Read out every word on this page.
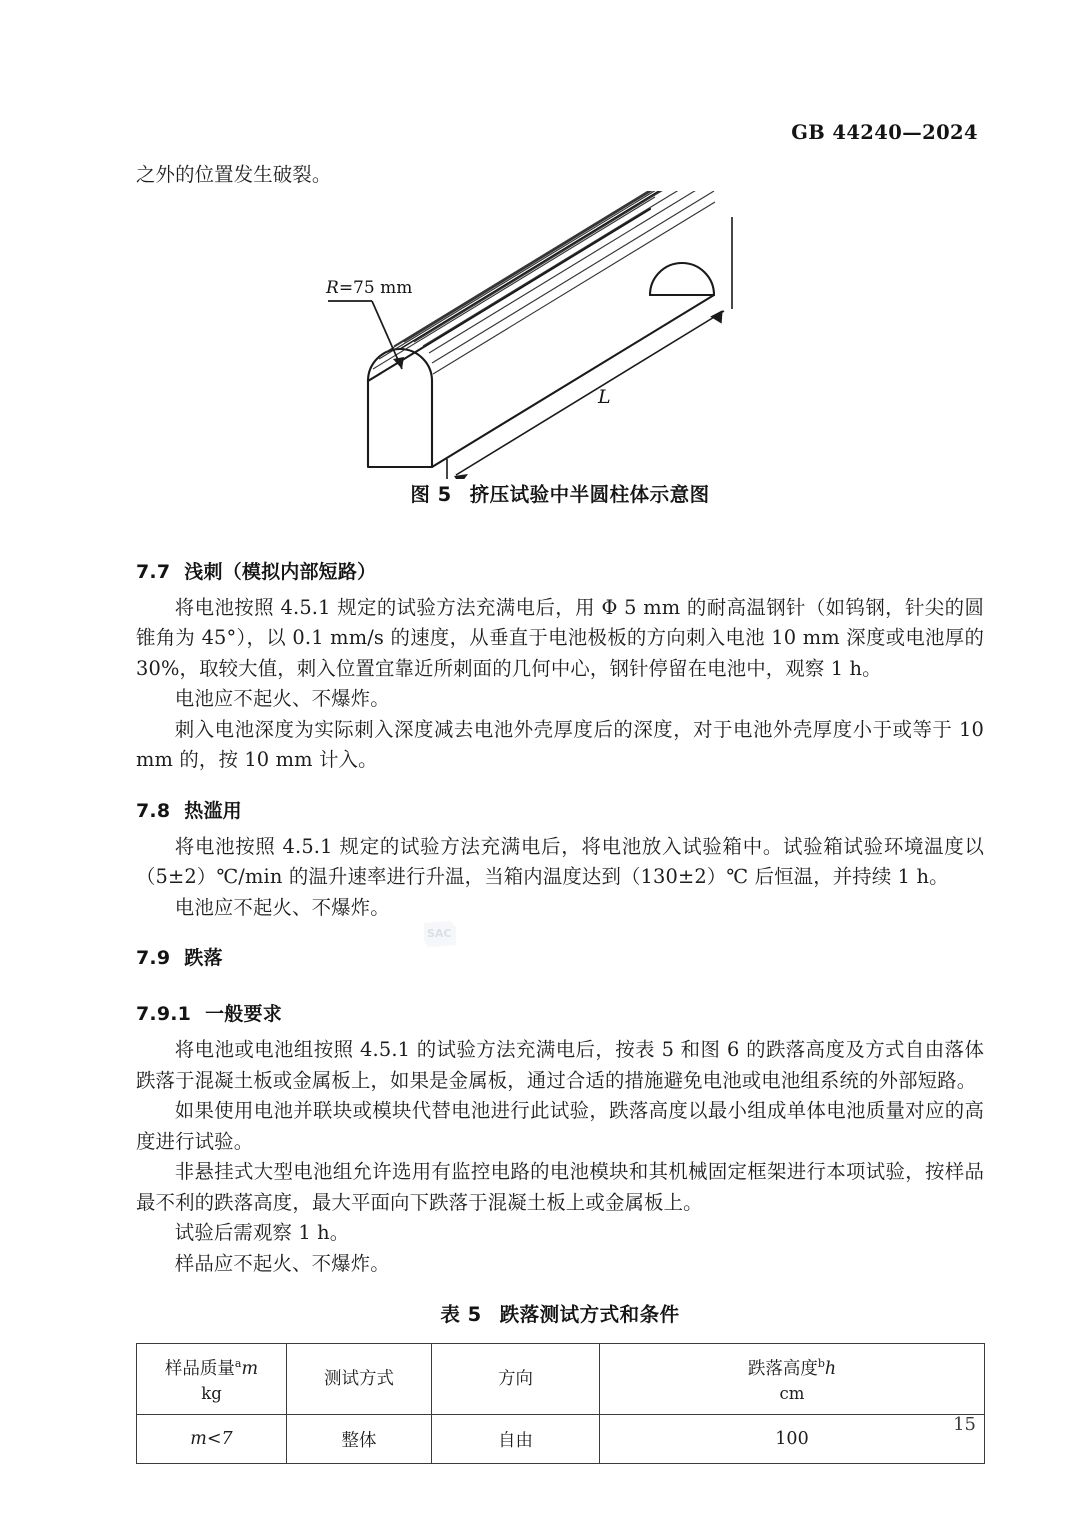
GB 44240—2024

之外的位置发生破裂。

R=75 mm
L
图 5 挤压试验中半圆柱体示意图
7.7 浅刺（模拟内部短路）

将电池按照 4.5.1 规定的试验方法充满电后，用 Φ 5 mm 的耐高温钢针（如钨钢，针尖的圆锥角为 45°），以 0.1 mm/s 的速度，从垂直于电池极板的方向刺入电池 10 mm 深度或电池厚的 30%，取较大值，刺入位置宜靠近所刺面的几何中心，钢针停留在电池中，观察 1 h。

电池应不起火、不爆炸。

刺入电池深度为实际刺入深度减去电池外壳厚度后的深度，对于电池外壳厚度小于或等于 10 mm 的，按 10 mm 计入。

7.8 热滥用

将电池按照 4.5.1 规定的试验方法充满电后，将电池放入试验箱中。试验箱试验环境温度以（5±2）℃/min 的温升速率进行升温，当箱内温度达到（130±2）℃ 后恒温，并持续 1 h。

电池应不起火、不爆炸。

7.9 跌落
7.9.1 一般要求

将电池或电池组按照 4.5.1 的试验方法充满电后，按表 5 和图 6 的跌落高度及方式自由落体跌落于混凝土板或金属板上，如果是金属板，通过合适的措施避免电池或电池组系统的外部短路。

如果使用电池并联块或模块代替电池进行此试验，跌落高度以最小组成单体电池质量对应的高度进行试验。

非悬挂式大型电池组允许选用有监控电路的电池模块和其机械固定框架进行本项试验，按样品最不利的跌落高度，最大平面向下跌落于混凝土板上或金属板上。

试验后需观察 1 h。

样品应不起火、不爆炸。

表 5 跌落测试方式和条件
样品质量$^a$m
kg	测试方式	方向	跌落高度$^b$h
cm

m<7	整体	自由	100
SAC
15
